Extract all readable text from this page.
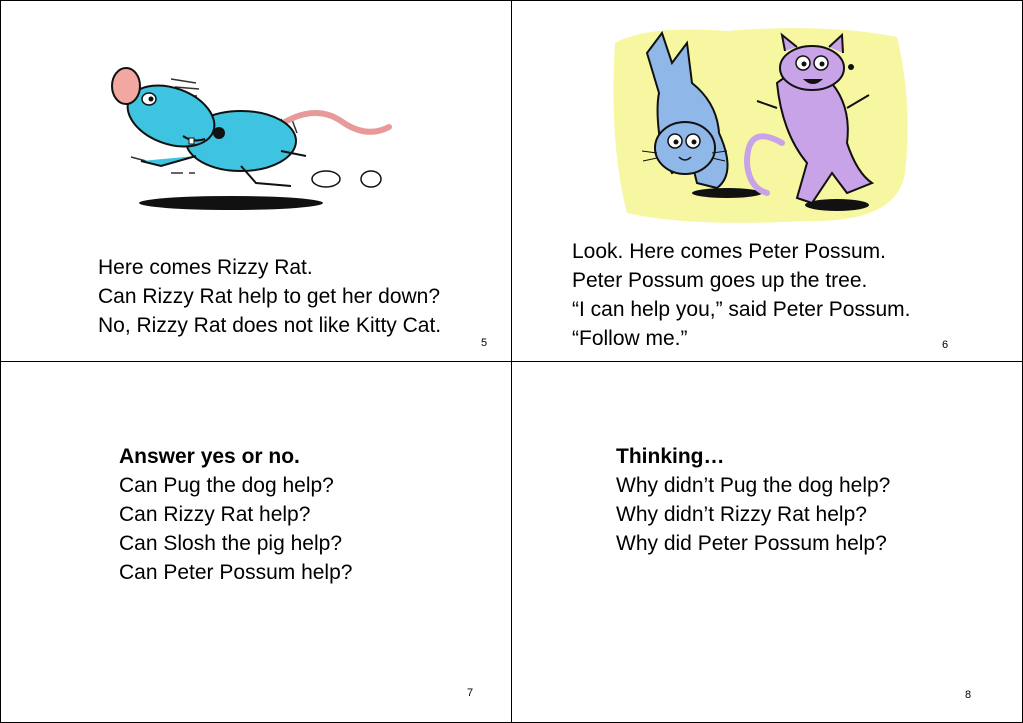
Here comes Rizzy Rat.
Can Rizzy Rat help to get her down?
No, Rizzy Rat does not like Kitty Cat.
5
Look. Here comes Peter Possum.
Peter Possum goes up the tree.
“I can help you,” said Peter Possum.
“Follow me.”	6
Answer yes or no.
Can Pug the dog help?
Can Rizzy Rat help?
Can Slosh the pig help?
Can Peter Possum help?
7
Thinking…
Why didn’t Pug the dog help?
Why didn’t Rizzy Rat help?
Why did Peter Possum help?
8
